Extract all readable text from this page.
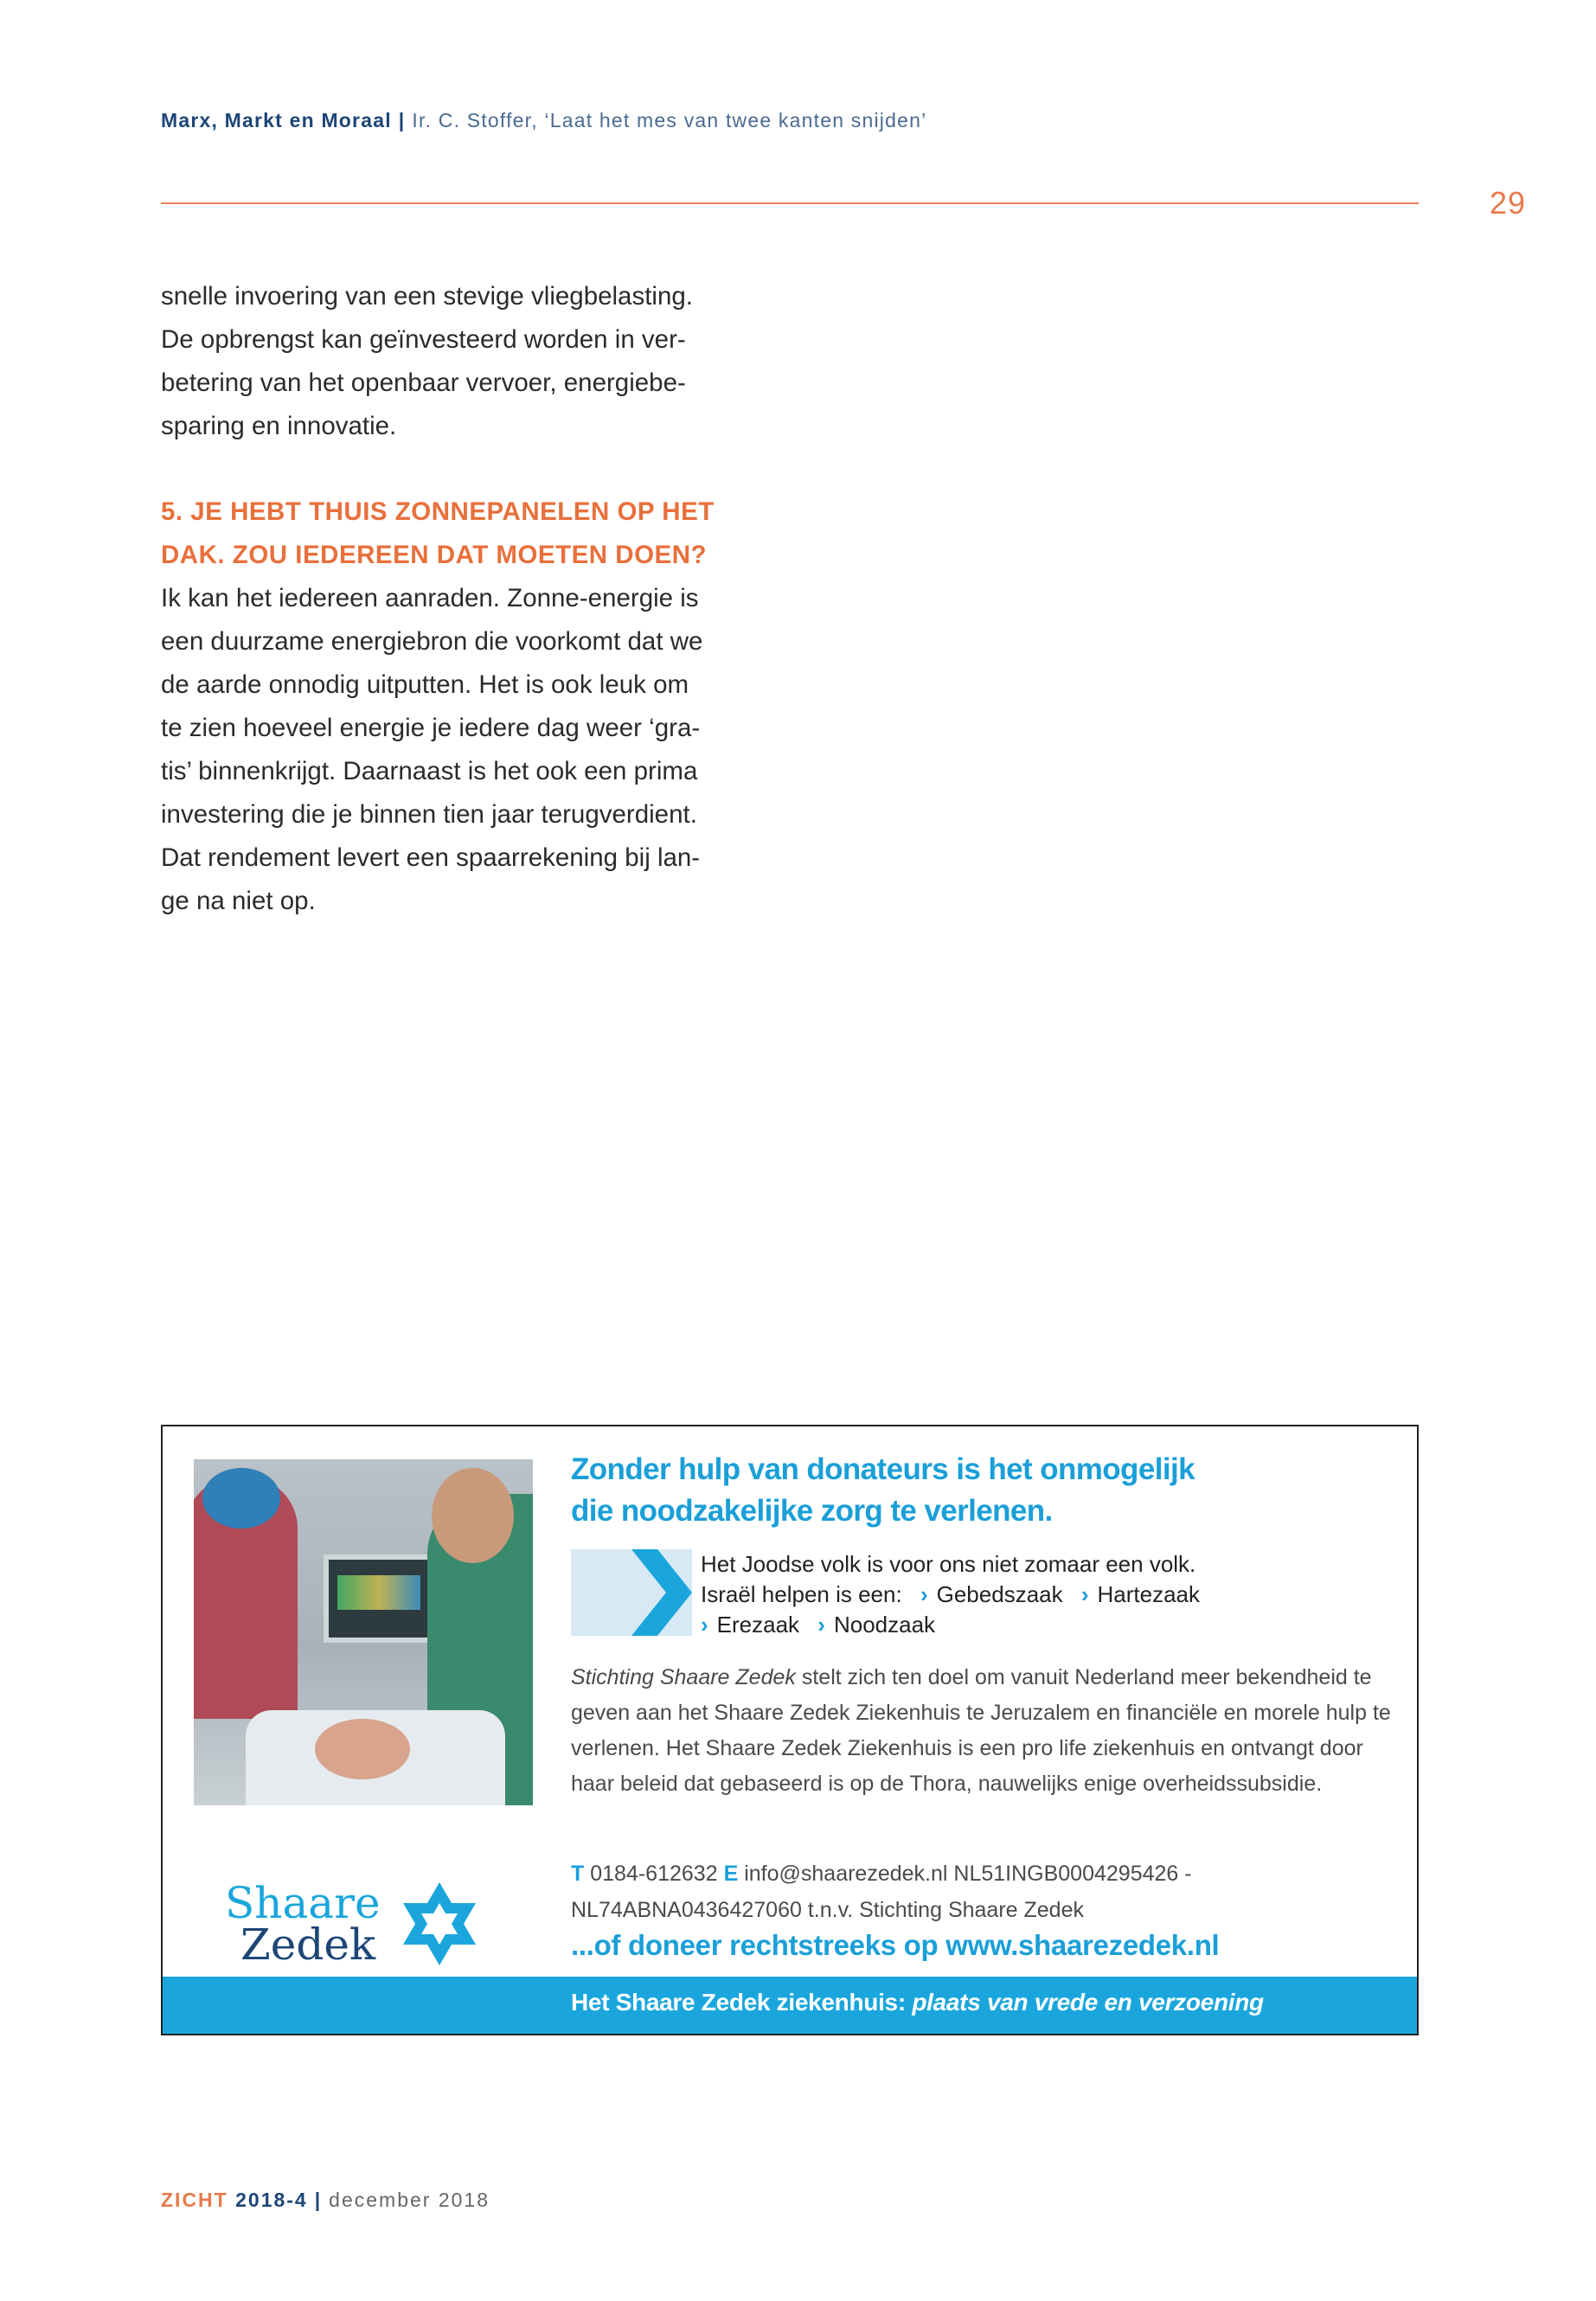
Marx, Markt en Moraal | Ir. C. Stoffer, ‘Laat het mes van twee kanten snijden’
29

snelle invoering van een stevige vliegbelasting.

De opbrengst kan geïnvesteerd worden in ver-

betering van het openbaar vervoer, energiebe-

sparing en innovatie.

5. JE HEBT THUIS ZONNEPANELEN OP HET

DAK. ZOU IEDEREEN DAT MOETEN DOEN?

Ik kan het iedereen aanraden. Zonne-energie is

een duurzame energiebron die voorkomt dat we

de aarde onnodig uitputten. Het is ook leuk om

te zien hoeveel energie je iedere dag weer ‘gra-

tis’ binnenkrijgt. Daarnaast is het ook een prima

investering die je binnen tien jaar terugverdient.

Dat rendement levert een spaarrekening bij lan-

ge na niet op.

Shaare
Zedek
Zonder hulp van donateurs is het onmogelijk
die noodzakelijke zorg te verlenen.
Het Joodse volk is voor ons niet zomaar een volk.
Israël helpen is een: › Gebedszaak › Hartezaak
› Erezaak › Noodzaak
Stichting Shaare Zedek stelt zich ten doel om vanuit Nederland meer bekendheid te geven aan het Shaare Zedek Ziekenhuis te Jeruzalem en financiële en morele hulp te verlenen. Het Shaare Zedek Ziekenhuis is een pro life ziekenhuis en ontvangt door haar beleid dat gebaseerd is op de Thora, nauwelijks enige overheidssubsidie.
T 0184-612632 E info@shaarezedek.nl NL51INGB0004295426 -
NL74ABNA0436427060 t.n.v. Stichting Shaare Zedek
...of doneer rechtstreeks op www.shaarezedek.nl
Het Shaare Zedek ziekenhuis: plaats van vrede en verzoening
ZICHT 2018-4 | december 2018
